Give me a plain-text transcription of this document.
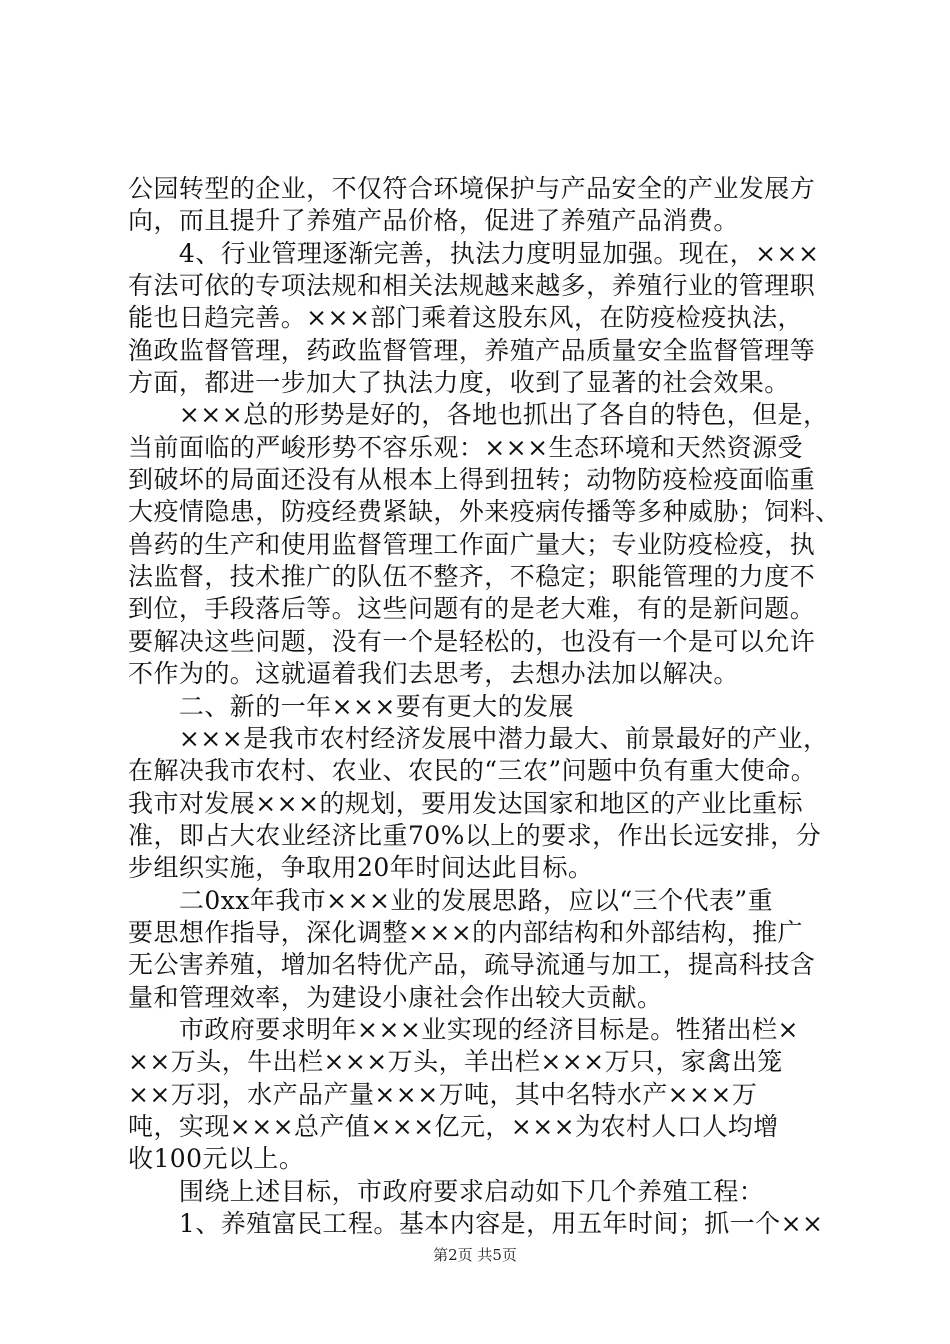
公园转型的企业，不仅符合环境保护与产品安全的产业发展方
向，而且提升了养殖产品价格，促进了养殖产品消费。
　　4、行业管理逐渐完善，执法力度明显加强。现在，×××
有法可依的专项法规和相关法规越来越多，养殖行业的管理职
能也日趋完善。×××部门乘着这股东风，在防疫检疫执法，
渔政监督管理，药政监督管理，养殖产品质量安全监督管理等
方面，都进一步加大了执法力度，收到了显著的社会效果。
　　×××总的形势是好的，各地也抓出了各自的特色，但是，
当前面临的严峻形势不容乐观：×××生态环境和天然资源受
到破坏的局面还没有从根本上得到扭转；动物防疫检疫面临重
大疫情隐患，防疫经费紧缺，外来疫病传播等多种威胁；饲料、
兽药的生产和使用监督管理工作面广量大；专业防疫检疫，执
法监督，技术推广的队伍不整齐，不稳定；职能管理的力度不
到位，手段落后等。这些问题有的是老大难，有的是新问题。
要解决这些问题，没有一个是轻松的，也没有一个是可以允许
不作为的。这就逼着我们去思考，去想办法加以解决。
　　二、新的一年×××要有更大的发展
　　×××是我市农村经济发展中潜力最大、前景最好的产业，
在解决我市农村、农业、农民的“三农”问题中负有重大使命。
我市对发展×××的规划，要用发达国家和地区的产业比重标
准，即占大农业经济比重70%以上的要求，作出长远安排，分
步组织实施，争取用20年时间达此目标。
　　二0xx年我市×××业的发展思路，应以“三个代表”重
要思想作指导，深化调整×××的内部结构和外部结构，推广
无公害养殖，增加名特优产品，疏导流通与加工，提高科技含
量和管理效率，为建设小康社会作出较大贡献。
　　市政府要求明年×××业实现的经济目标是。牲猪出栏×
××万头，牛出栏×××万头，羊出栏×××万只，家禽出笼
××万羽，水产品产量×××万吨，其中名特水产×××万
吨，实现×××总产值×××亿元，×××为农村人口人均增
收100元以上。
　　围绕上述目标，市政府要求启动如下几个养殖工程：
　　1、养殖富民工程。基本内容是，用五年时间；抓一个××
第2页 共5页
